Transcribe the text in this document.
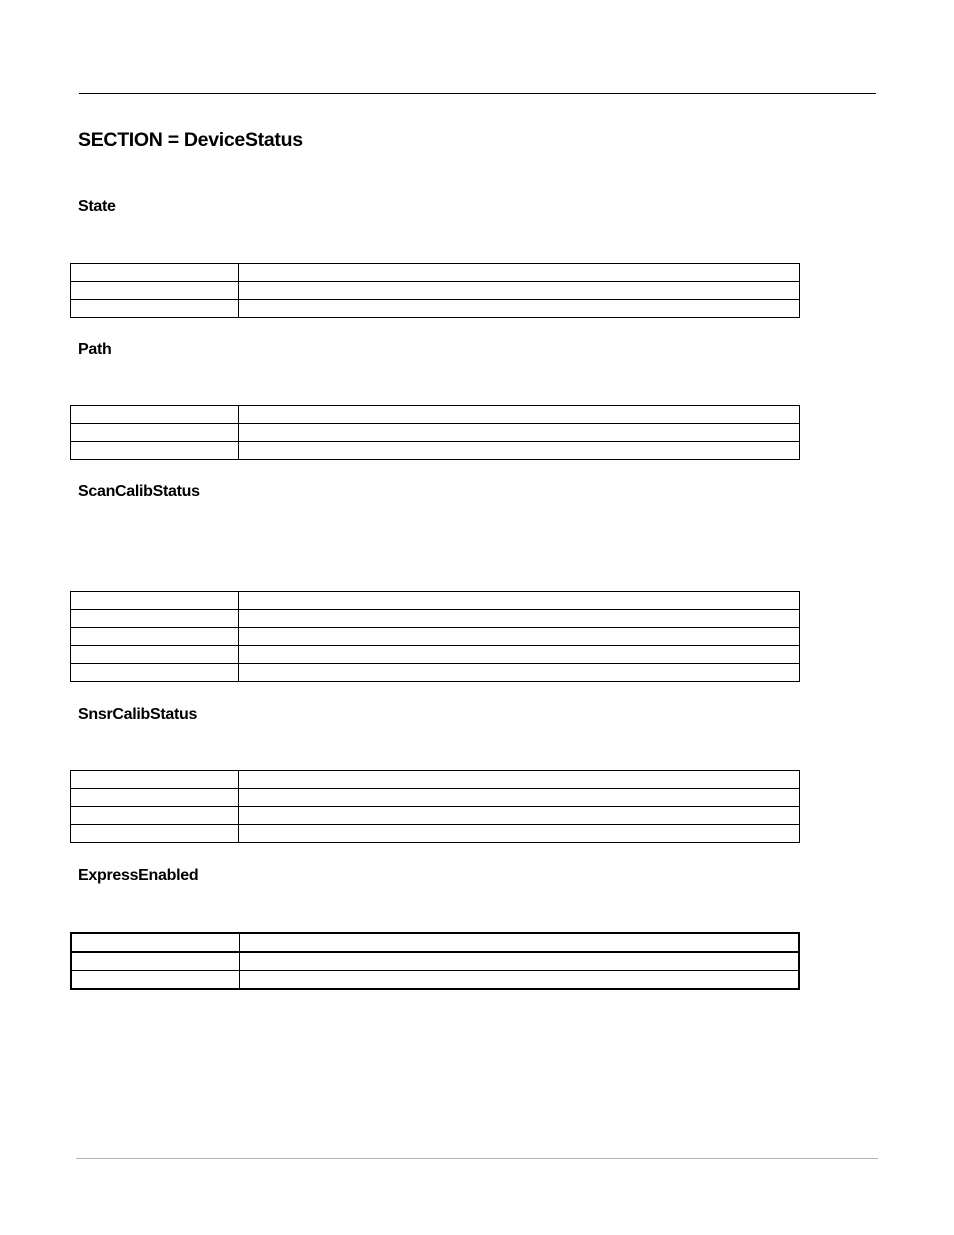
SECTION = DeviceStatus
State

Path

ScanCalibStatus

SnsrCalibStatus

ExpressEnabled
